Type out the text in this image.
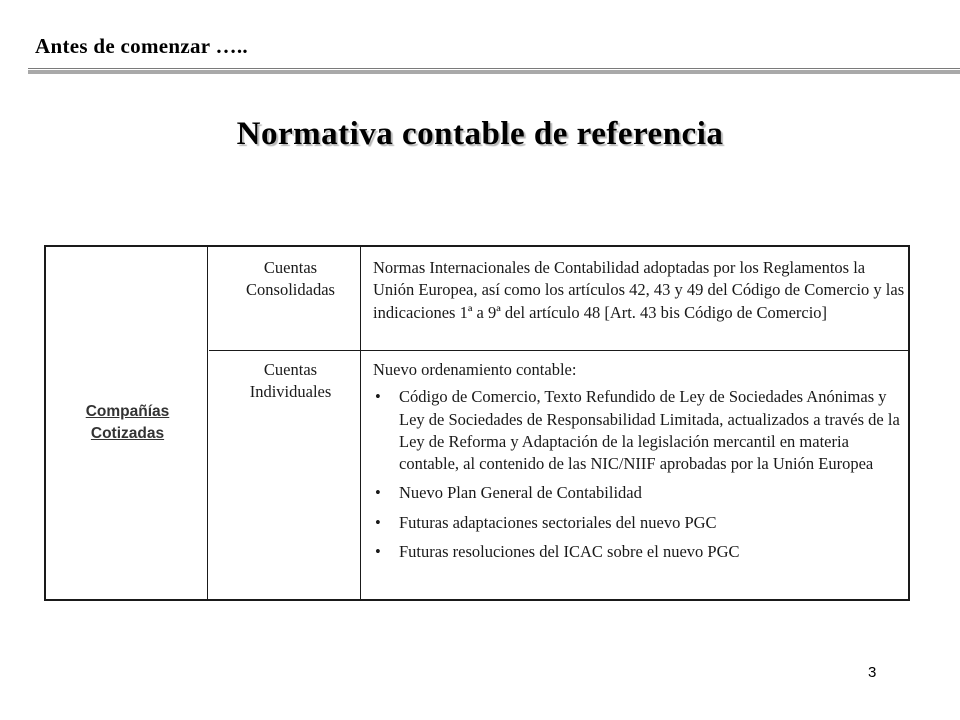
Antes de comenzar …..
Normativa contable de referencia
Compañías
Cotizadas
Cuentas
Consolidadas
Normas Internacionales de Contabilidad adoptadas por los Reglamentos la Unión Europea, así como los artículos 42, 43 y 49 del Código de Comercio y las indicaciones 1ª a 9ª del artículo 48 [Art. 43 bis Código de Comercio]
Cuentas
Individuales
Nuevo ordenamiento contable:
• Código de Comercio, Texto Refundido de Ley de Sociedades Anónimas y Ley de Sociedades de Responsabilidad Limitada, actualizados a través de la Ley de Reforma y Adaptación de la legislación mercantil en materia contable, al contenido de las NIC/NIIF aprobadas por la Unión Europea
• Nuevo Plan General de Contabilidad
• Futuras adaptaciones sectoriales del nuevo PGC
• Futuras resoluciones del ICAC sobre el nuevo PGC
3
